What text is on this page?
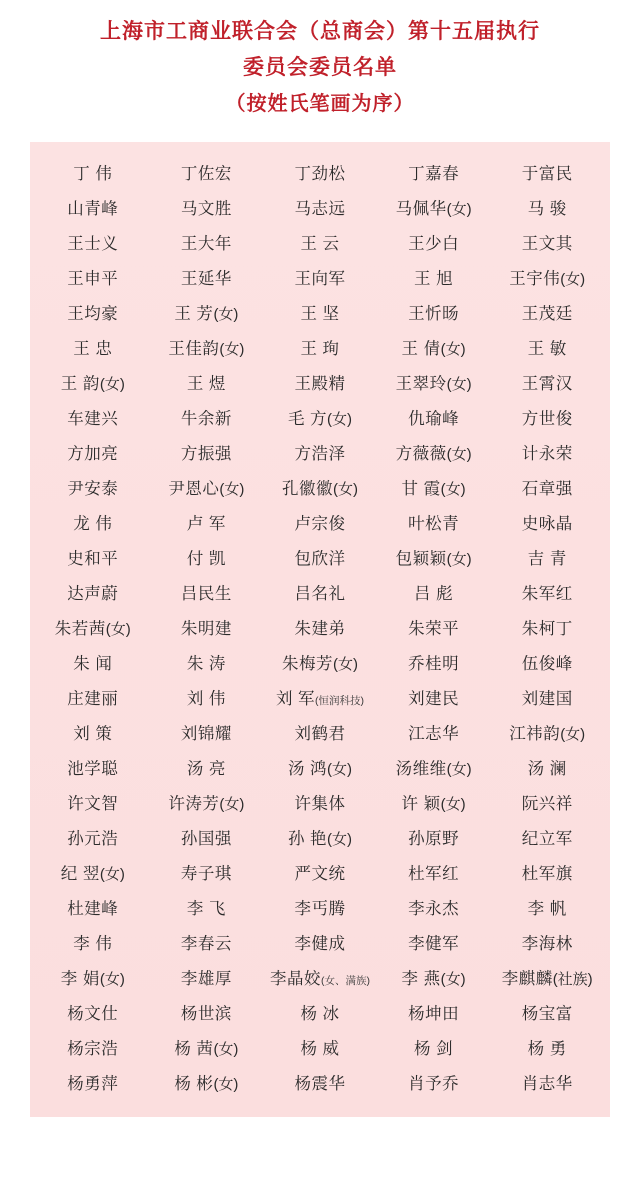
上海市工商业联合会（总商会）第十五届执行
委员会委员名单
（按姓氏笔画为序）
丁 伟	丁佐宏	丁劲松	丁嘉春	于富民
山青峰	马文胜	马志远	马佩华(女)	马 骏
王士义	王大年	王 云	王少白	王文其
王申平	王延华	王向军	王 旭	王宇伟(女)
王均豪	王 芳(女)	王 坚	王忻旸	王茂廷
王 忠	王佳韵(女)	王 珣	王 倩(女)	王 敏
王 韵(女)	王 煜	王殿精	王翠玲(女)	王霄汉
车建兴	牛余新	毛 方(女)	仇瑜峰	方世俊
方加亮	方振强	方浩泽	方薇薇(女)	计永荣
尹安泰	尹恩心(女)	孔徽徽(女)	甘 霞(女)	石章强
龙 伟	卢 军	卢宗俊	叶松青	史咏晶
史和平	付 凯	包欣洋	包颖颖(女)	吉 青
达声蔚	吕民生	吕名礼	吕 彪	朱军红
朱若茜(女)	朱明建	朱建弟	朱荣平	朱柯丁
朱 闻	朱 涛	朱梅芳(女)	乔桂明	伍俊峰
庄建丽	刘 伟	刘 军(恒润科技)	刘建民	刘建国
刘 策	刘锦耀	刘鹤君	江志华	江祎韵(女)
池学聪	汤 亮	汤 鸿(女)	汤维维(女)	汤 澜
许文智	许涛芳(女)	许集体	许 颖(女)	阮兴祥
孙元浩	孙国强	孙 艳(女)	孙原野	纪立军
纪 翌(女)	寿子琪	严文统	杜军红	杜军旗
杜建峰	李 飞	李丐腾	李永杰	李 帆
李 伟	李春云	李健成	李健军	李海林
李 娟(女)	李雄厚	李晶姣(女、满族)	李 燕(女)	李麒麟(社族)
杨文仕	杨世滨	杨 冰	杨坤田	杨宝富
杨宗浩	杨 茜(女)	杨 威	杨 剑	杨 勇
杨勇萍	杨 彬(女)	杨震华	肖予乔	肖志华
